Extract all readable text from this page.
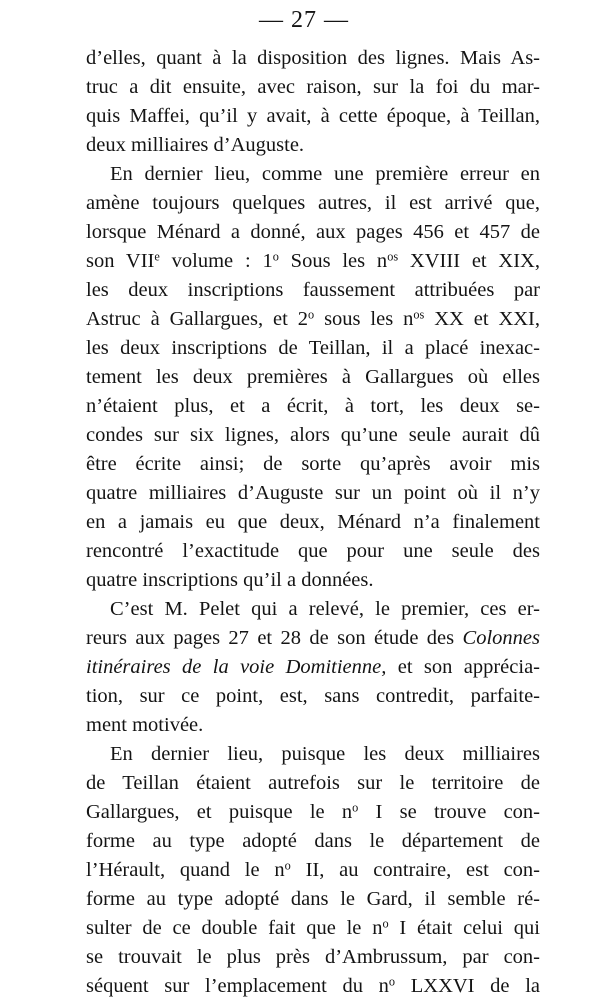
— 27 —
d’elles, quant à la disposition des lignes. Mais As-
truc a dit ensuite, avec raison, sur la foi du mar-
quis Maffei, qu’il y avait, à cette époque, à Teillan,
deux milliaires d’Auguste.
En dernier lieu, comme une première erreur en
amène toujours quelques autres, il est arrivé que,
lorsque Ménard a donné, aux pages 456 et 457 de
son VIIe volume : 1$^o$ Sous les $n^{os}$ XVIII et XIX,
les deux inscriptions faussement attribuées par
Astruc à Gallargues, et 2$^o$ sous les $n^{os}$ XX et XXI,
les deux inscriptions de Teillan, il a placé inexac-
tement les deux premières à Gallargues où elles
n’étaient plus, et a écrit, à tort, les deux se-
condes sur six lignes, alors qu’une seule aurait dû
être écrite ainsi; de sorte qu’après avoir mis
quatre milliaires d’Auguste sur un point où il n’y
en a jamais eu que deux, Ménard n’a finalement
rencontré l’exactitude que pour une seule des
quatre inscriptions qu’il a données.
C’est M. Pelet qui a relevé, le premier, ces er-
reurs aux pages 27 et 28 de son étude des Colonnes
itinéraires de la voie Domitienne, et son apprécia-
tion, sur ce point, est, sans contredit, parfaite-
ment motivée.
En dernier lieu, puisque les deux milliaires
de Teillan étaient autrefois sur le territoire de
Gallargues, et puisque le $n^o$ I se trouve con-
forme au type adopté dans le département de
l’Hérault, quand le $n^o$ II, au contraire, est con-
forme au type adopté dans le Gard, il semble ré-
sulter de ce double fait que le $n^o$ I était celui qui
se trouvait le plus près d’Ambrussum, par con-
séquent sur l’emplacement du $n^o$ LXXVI de la
